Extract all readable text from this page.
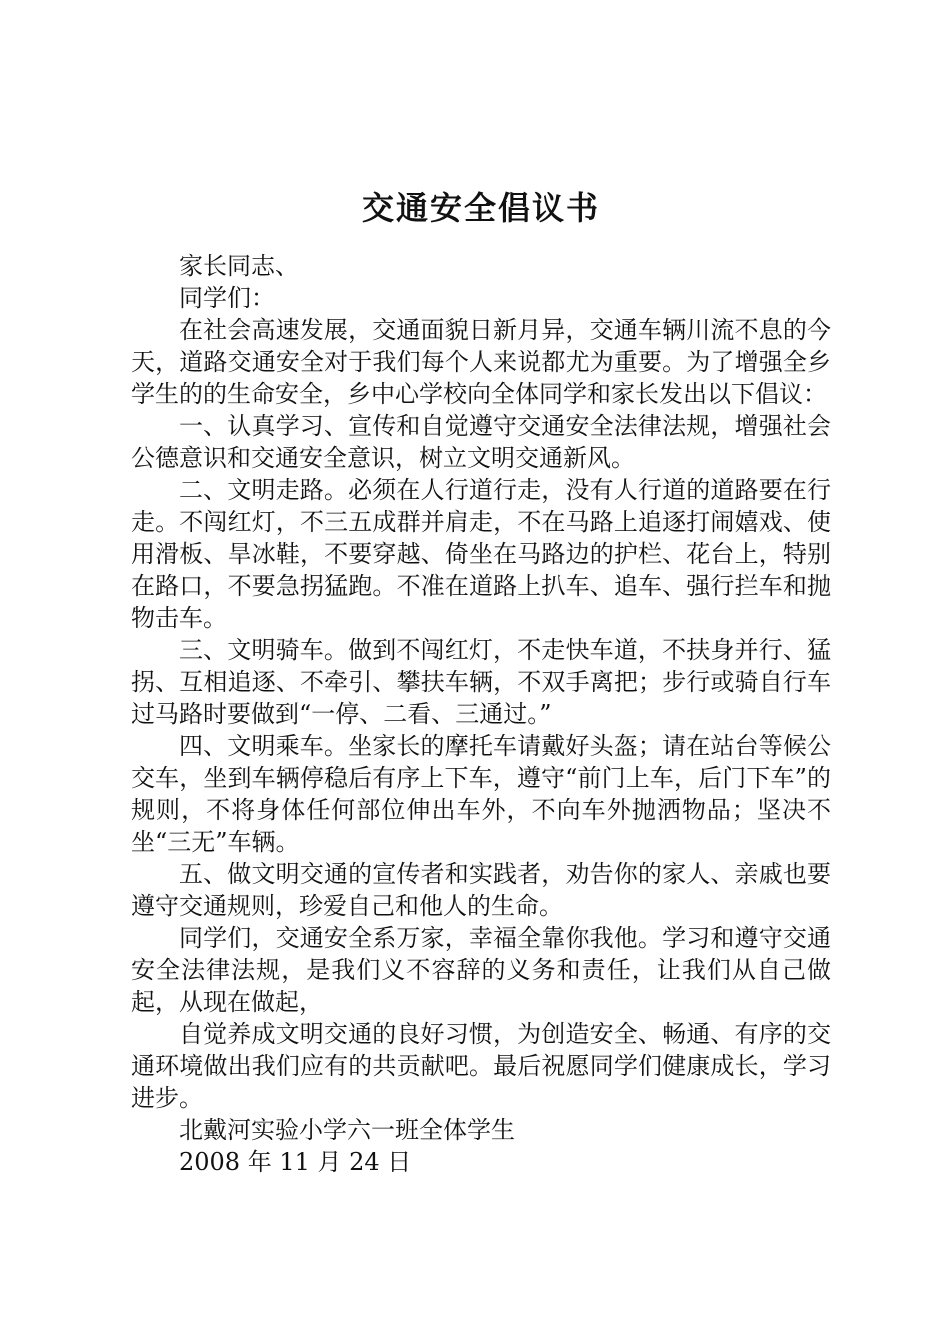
交通安全倡议书

家长同志、

同学们：

在社会高速发展，交通面貌日新月异，交通车辆川流不息的今天，道路交通安全对于我们每个人来说都尤为重要。为了增强全乡学生的的生命安全，乡中心学校向全体同学和家长发出以下倡议：

一、认真学习、宣传和自觉遵守交通安全法律法规，增强社会公德意识和交通安全意识，树立文明交通新风。

二、文明走路。必须在人行道行走，没有人行道的道路要在行走。不闯红灯，不三五成群并肩走，不在马路上追逐打闹嬉戏、使用滑板、旱冰鞋，不要穿越、倚坐在马路边的护栏、花台上，特别在路口，不要急拐猛跑。不准在道路上扒车、追车、强行拦车和抛物击车。

三、文明骑车。做到不闯红灯，不走快车道，不扶身并行、猛拐、互相追逐、不牵引、攀扶车辆，不双手离把；步行或骑自行车过马路时要做到“一停、二看、三通过。”

四、文明乘车。坐家长的摩托车请戴好头盔；请在站台等候公交车，坐到车辆停稳后有序上下车，遵守“前门上车，后门下车”的规则，不将身体任何部位伸出车外，不向车外抛洒物品；坚决不坐“三无”车辆。

五、做文明交通的宣传者和实践者，劝告你的家人、亲戚也要遵守交通规则，珍爱自己和他人的生命。

同学们，交通安全系万家，幸福全靠你我他。学习和遵守交通安全法律法规，是我们义不容辞的义务和责任，让我们从自己做起，从现在做起，

自觉养成文明交通的良好习惯，为创造安全、畅通、有序的交通环境做出我们应有的共贡献吧。最后祝愿同学们健康成长，学习进步。

北戴河实验小学六一班全体学生

2008 年 11 月 24 日
